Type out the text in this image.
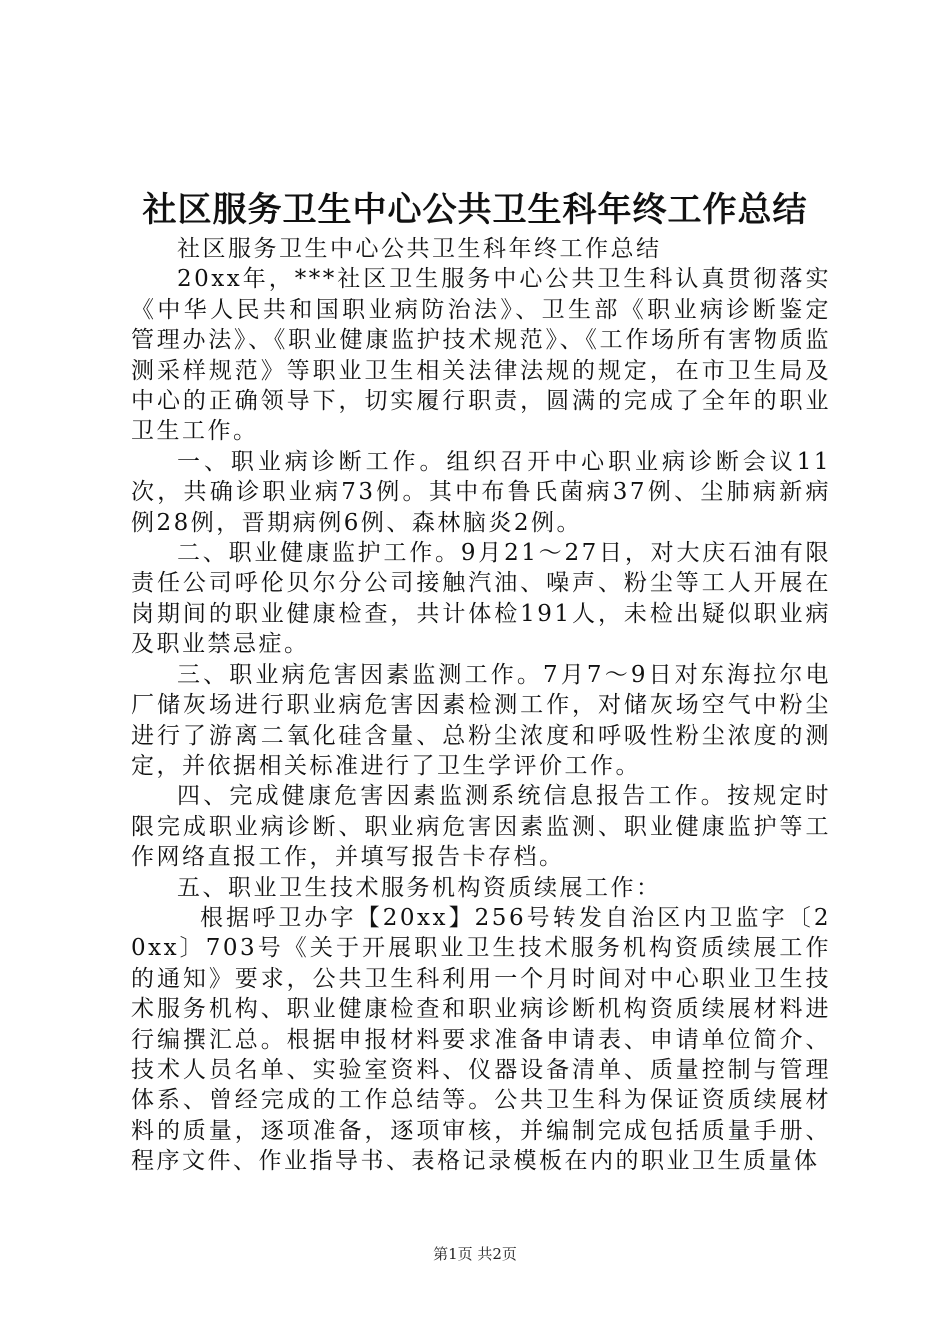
社区服务卫生中心公共卫生科年终工作总结

社区服务卫生中心公共卫生科年终工作总结

20xx年，***社区卫生服务中心公共卫生科认真贯彻落实《中华人民共和国职业病防治法》、卫生部《职业病诊断鉴定管理办法》、《职业健康监护技术规范》、《工作场所有害物质监测采样规范》等职业卫生相关法律法规的规定，在市卫生局及中心的正确领导下，切实履行职责，圆满的完成了全年的职业卫生工作。

一、职业病诊断工作。组织召开中心职业病诊断会议11次，共确诊职业病73例。其中布鲁氏菌病37例、尘肺病新病例28例，晋期病例6例、森林脑炎2例。

二、职业健康监护工作。9月21～27日，对大庆石油有限责任公司呼伦贝尔分公司接触汽油、噪声、粉尘等工人开展在岗期间的职业健康检查，共计体检191人，未检出疑似职业病及职业禁忌症。

三、职业病危害因素监测工作。7月7～9日对东海拉尔电厂储灰场进行职业病危害因素检测工作，对储灰场空气中粉尘进行了游离二氧化硅含量、总粉尘浓度和呼吸性粉尘浓度的测定，并依据相关标准进行了卫生学评价工作。

四、完成健康危害因素监测系统信息报告工作。按规定时限完成职业病诊断、职业病危害因素监测、职业健康监护等工作网络直报工作，并填写报告卡存档。

五、职业卫生技术服务机构资质续展工作：

根据呼卫办字【20xx】256号转发自治区内卫监字〔20xx〕703号《关于开展职业卫生技术服务机构资质续展工作的通知》要求，公共卫生科利用一个月时间对中心职业卫生技术服务机构、职业健康检查和职业病诊断机构资质续展材料进行编撰汇总。根据申报材料要求准备申请表、申请单位简介、技术人员名单、实验室资料、仪器设备清单、质量控制与管理体系、曾经完成的工作总结等。公共卫生科为保证资质续展材料的质量，逐项准备，逐项审核，并编制完成包括质量手册、程序文件、作业指导书、表格记录模板在内的职业卫生质量体

第1页 共2页
